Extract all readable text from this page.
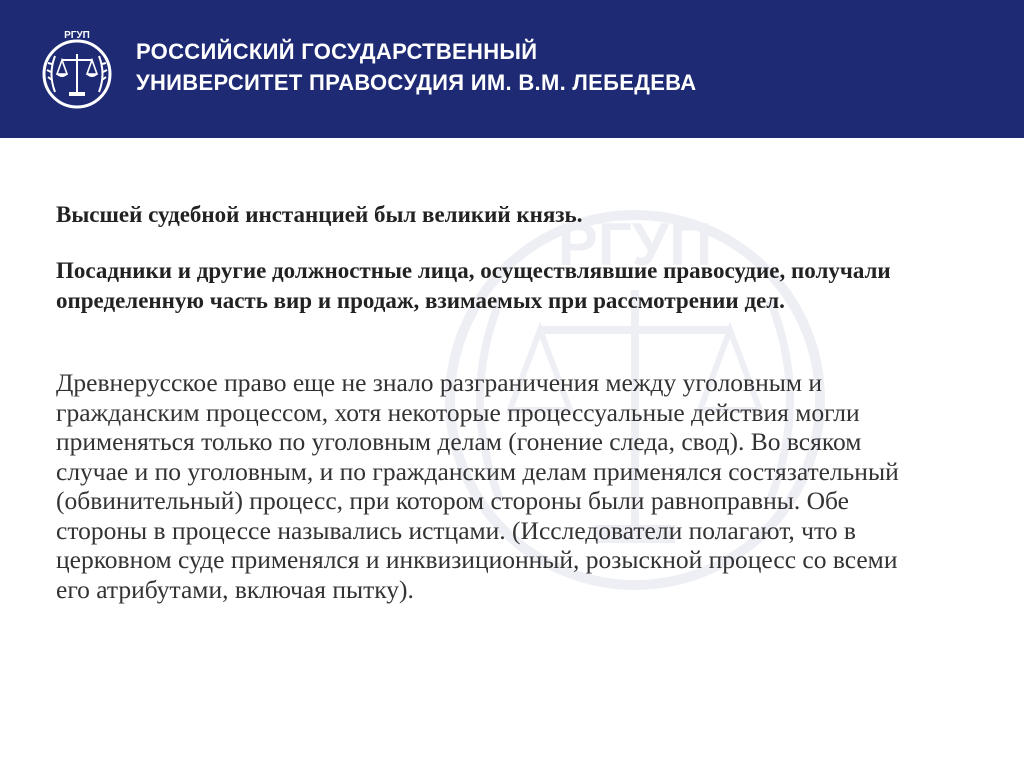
РГУП
РОССИЙСКИЙ ГОСУДАРСТВЕННЫЙ
УНИВЕРСИТЕТ ПРАВОСУДИЯ ИМ. В.М. ЛЕБЕДЕВА
РГУП

Высшей судебной инстанцией был великий князь.

Посадники и другие должностные лица, осуществлявшие правосудие, получали определенную часть вир и продаж, взимаемых при рассмотрении дел.

Древнерусское право еще не знало разграничения между уголовным и гражданским процессом, хотя некоторые процессуальные действия могли применяться только по уголовным делам (гонение следа, свод). Во всяком случае и по уголовным, и по гражданским делам применялся состязательный (обвинительный) процесс, при котором стороны были равноправны. Обе стороны в процессе назывались истцами. (Исследователи полагают, что в церковном суде применялся и инквизиционный, розыскной процесс со всеми его атрибутами, включая пытку).
